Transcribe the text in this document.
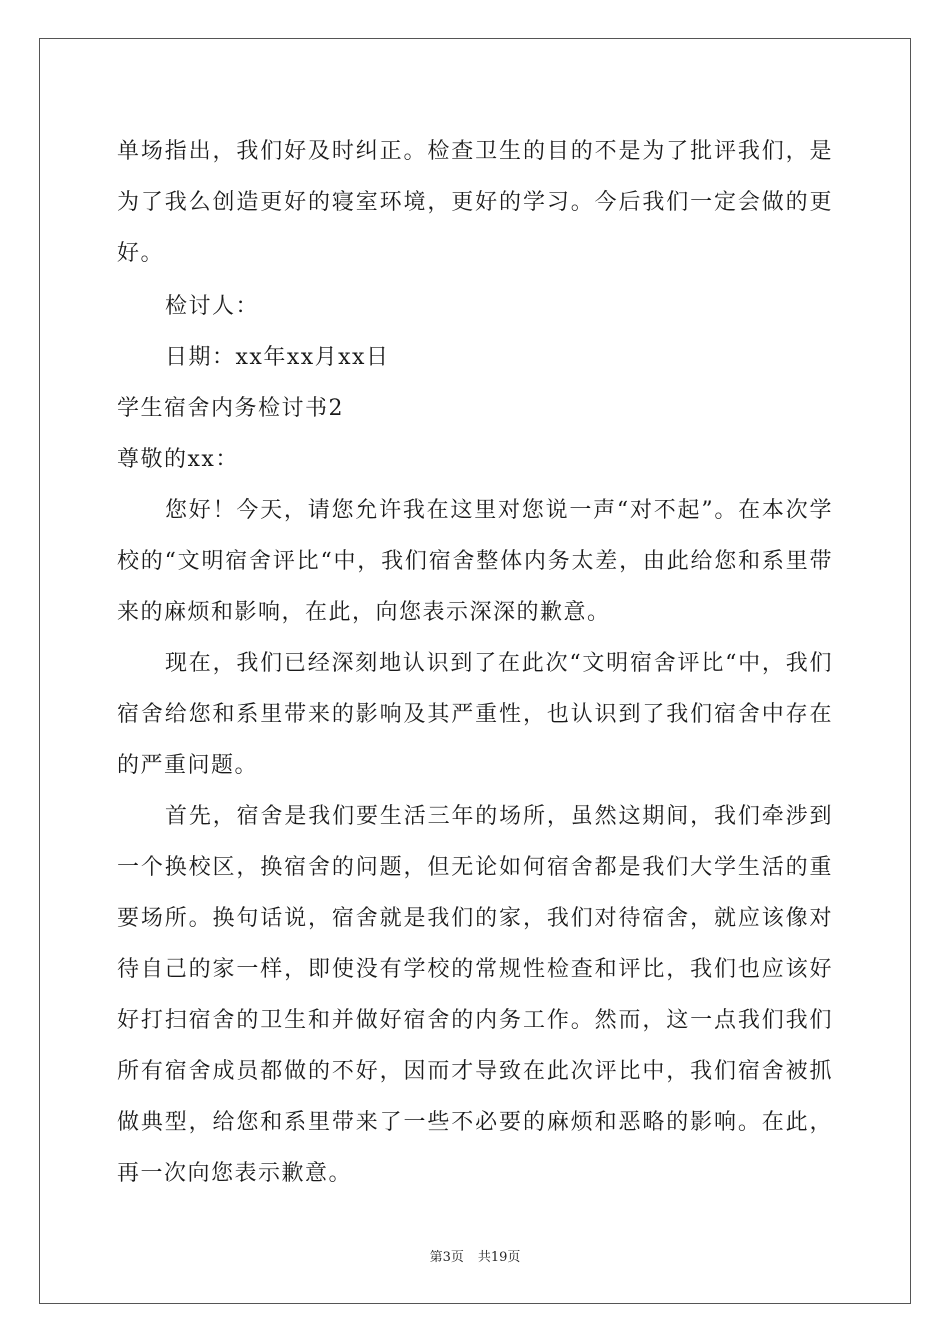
单场指出，我们好及时纠正。检查卫生的目的不是为了批评我们，是为了我么创造更好的寝室环境，更好的学习。今后我们一定会做的更好。

检讨人：

日期：xx年xx月xx日

学生宿舍内务检讨书2

尊敬的xx：

您好！今天，请您允许我在这里对您说一声“对不起”。在本次学校的“文明宿舍评比“中，我们宿舍整体内务太差，由此给您和系里带来的麻烦和影响，在此，向您表示深深的歉意。

现在，我们已经深刻地认识到了在此次“文明宿舍评比“中，我们宿舍给您和系里带来的影响及其严重性，也认识到了我们宿舍中存在的严重问题。

首先，宿舍是我们要生活三年的场所，虽然这期间，我们牵涉到一个换校区，换宿舍的问题，但无论如何宿舍都是我们大学生活的重要场所。换句话说，宿舍就是我们的家，我们对待宿舍，就应该像对待自己的家一样，即使没有学校的常规性检查和评比，我们也应该好好打扫宿舍的卫生和并做好宿舍的内务工作。然而，这一点我们我们所有宿舍成员都做的不好，因而才导致在此次评比中，我们宿舍被抓做典型，给您和系里带来了一些不必要的麻烦和恶略的影响。在此，再一次向您表示歉意。

第3页 共19页
